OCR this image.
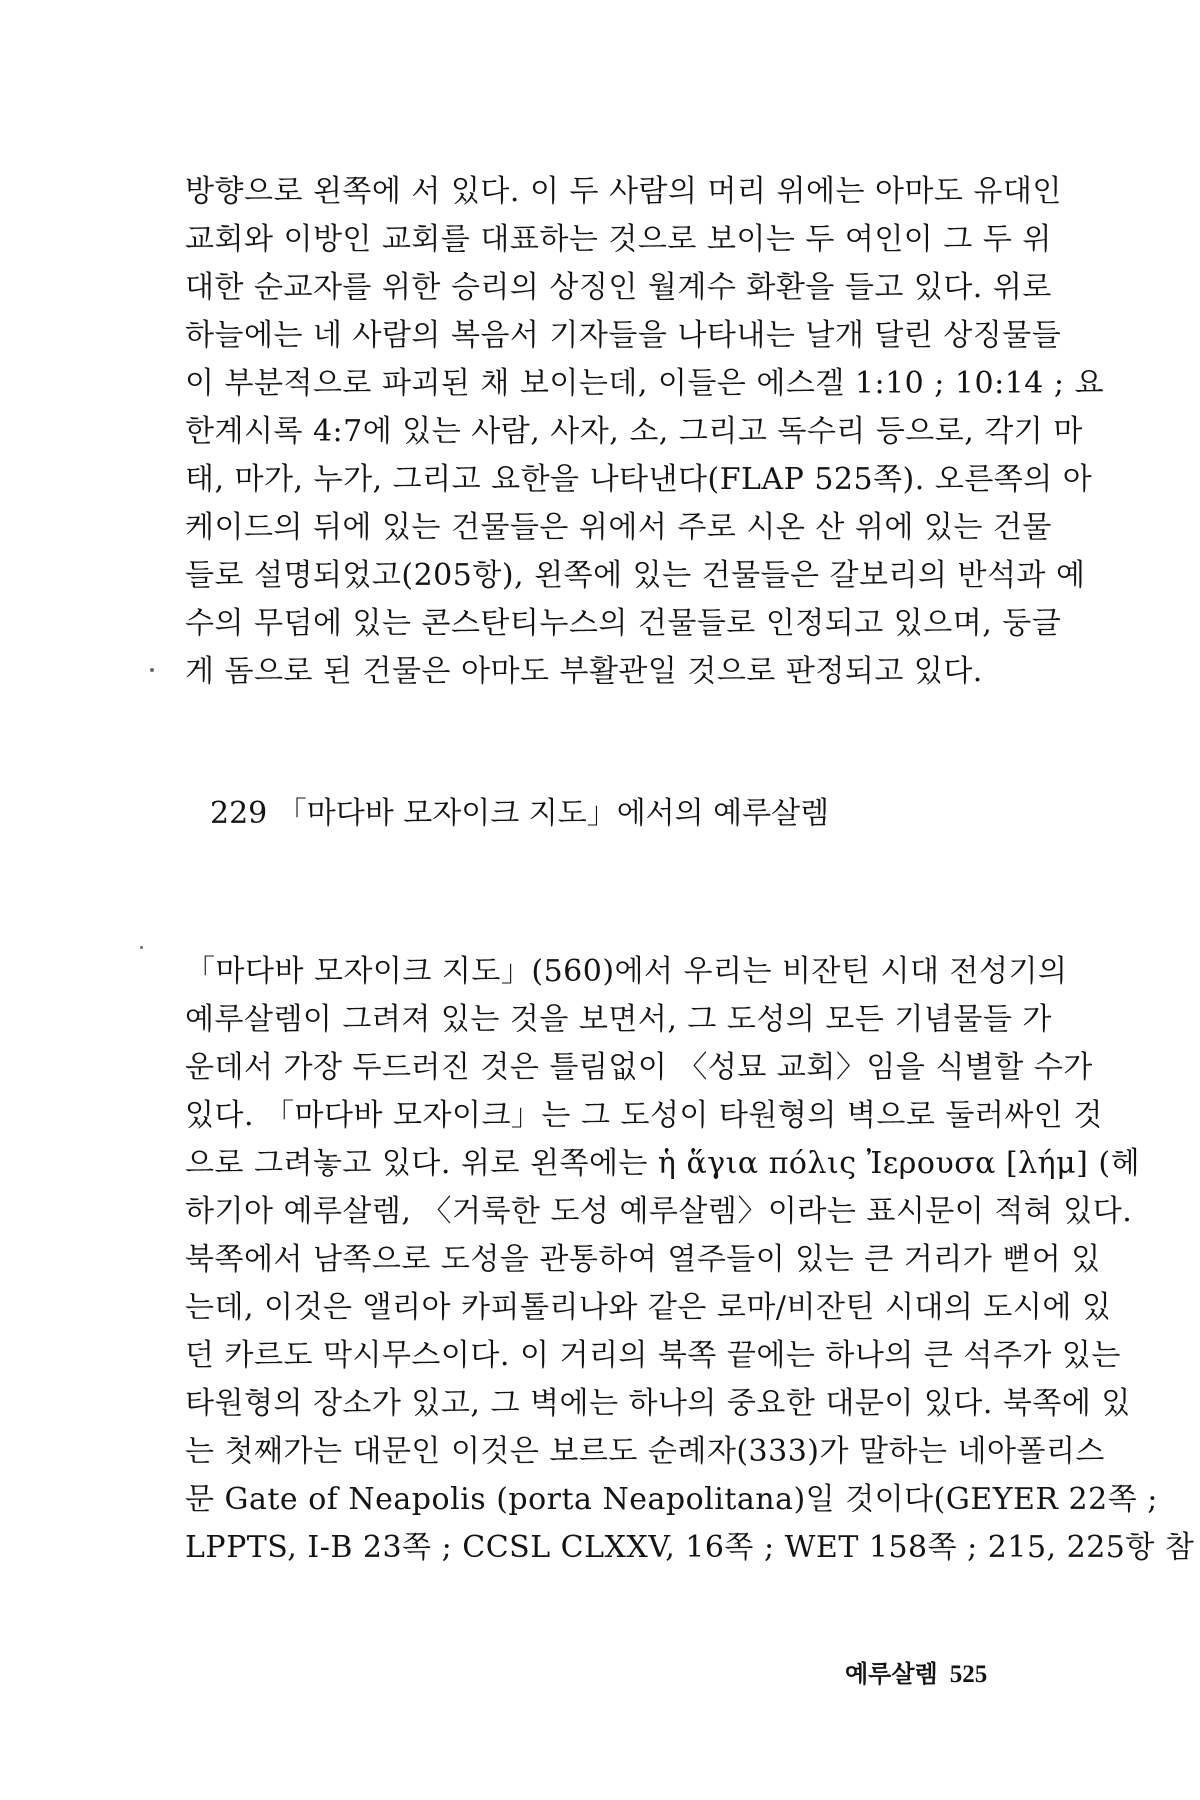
방향으로 왼쪽에 서 있다. 이 두 사람의 머리 위에는 아마도 유대인
교회와 이방인 교회를 대표하는 것으로 보이는 두 여인이 그 두 위
대한 순교자를 위한 승리의 상징인 월계수 화환을 들고 있다. 위로
하늘에는 네 사람의 복음서 기자들을 나타내는 날개 달린 상징물들
이 부분적으로 파괴된 채 보이는데, 이들은 에스겔 1:10 ; 10:14 ; 요
한계시록 4:7에 있는 사람, 사자, 소, 그리고 독수리 등으로, 각기 마
태, 마가, 누가, 그리고 요한을 나타낸다(FLAP 525쪽). 오른쪽의 아
케이드의 뒤에 있는 건물들은 위에서 주로 시온 산 위에 있는 건물
들로 설명되었고(205항), 왼쪽에 있는 건물들은 갈보리의 반석과 예
수의 무덤에 있는 콘스탄티누스의 건물들로 인정되고 있으며, 둥글
게 돔으로 된 건물은 아마도 부활관일 것으로 판정되고 있다.
229 「마다바 모자이크 지도」에서의 예루살렘
「마다바 모자이크 지도」(560)에서 우리는 비잔틴 시대 전성기의
예루살렘이 그려져 있는 것을 보면서, 그 도성의 모든 기념물들 가
운데서 가장 두드러진 것은 틀림없이 〈성묘 교회〉임을 식별할 수가
있다. 「마다바 모자이크」는 그 도성이 타원형의 벽으로 둘러싸인 것
으로 그려놓고 있다. 위로 왼쪽에는 ἡ ἅγια πόλις Ἰερουσα [λήμ] (헤
하기아 예루살렘, 〈거룩한 도성 예루살렘〉이라는 표시문이 적혀 있다.
북쪽에서 남쪽으로 도성을 관통하여 열주들이 있는 큰 거리가 뻗어 있
는데, 이것은 앨리아 카피톨리나와 같은 로마/비잔틴 시대의 도시에 있
던 카르도 막시무스이다. 이 거리의 북쪽 끝에는 하나의 큰 석주가 있는
타원형의 장소가 있고, 그 벽에는 하나의 중요한 대문이 있다. 북쪽에 있
는 첫째가는 대문인 이것은 보르도 순례자(333)가 말하는 네아폴리스
문 Gate of Neapolis (porta Neapolitana)일 것이다(GEYER 22쪽 ;
LPPTS, I-B 23쪽 ; CCSL CLXXV, 16쪽 ; WET 158쪽 ; 215, 225항 참
예루살렘 525
